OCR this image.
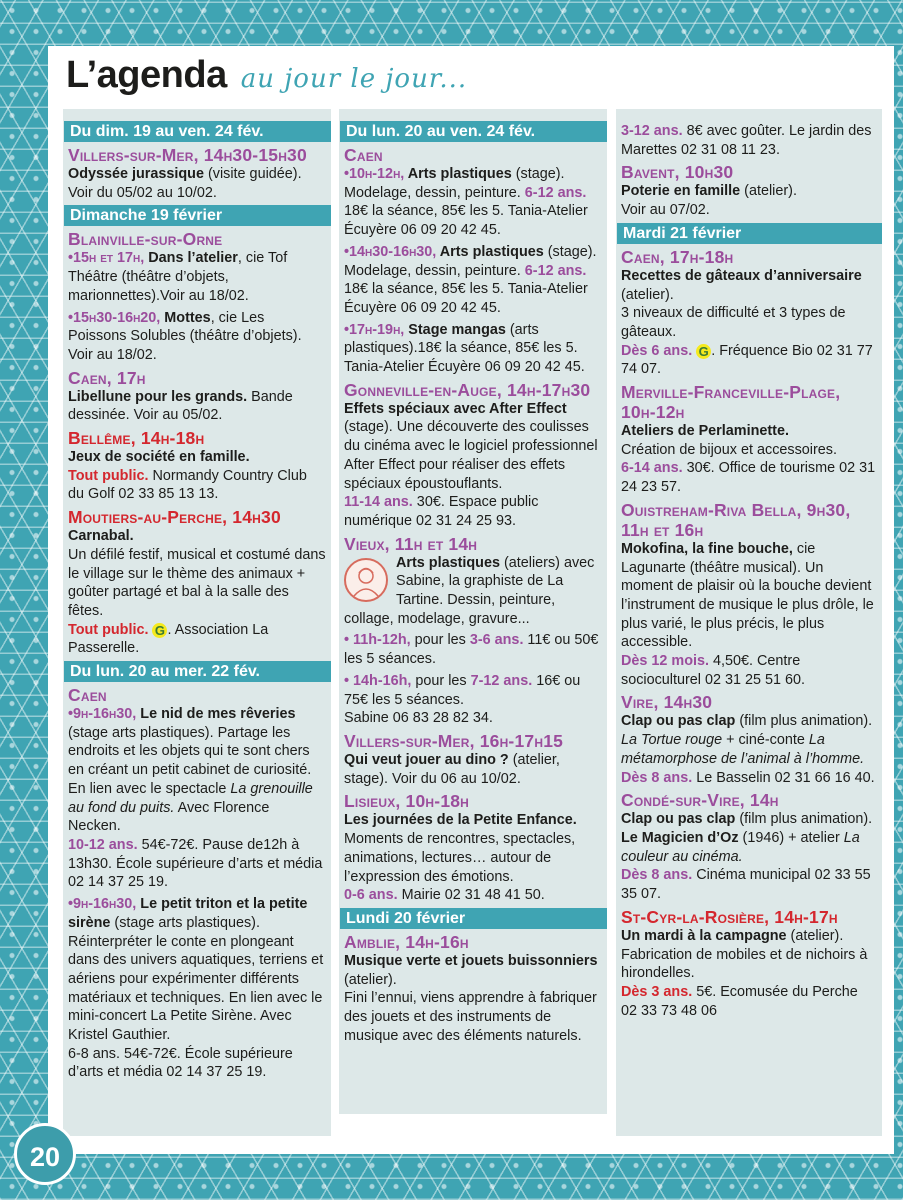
L’agenda au jour le jour...
Du dim. 19 au ven. 24 fév.
Villers-sur-Mer, 14h30-15h30
Odyssée jurassique (visite guidée). Voir du 05/02 au 10/02.
Dimanche 19 février
Blainville-sur-Orne
•15h et 17h, Dans l’atelier, cie Tof Théâtre (théâtre d’objets, marionnettes).Voir au 18/02.
•15h30-16h20, Mottes, cie Les Poissons Solubles (théâtre d’objets). Voir au 18/02.
Caen, 17h
Libellune pour les grands. Bande dessinée. Voir au 05/02.
Bellême, 14h-18h
Jeux de société en famille.
Tout public. Normandy Country Club du Golf 02 33 85 13 13.
Moutiers-au-Perche, 14h30
Carnabal.
Un défilé festif, musical et costumé dans le village sur le thème des animaux + goûter partagé et bal à la salle des fêtes.
Tout public. G . Association La Passerelle.
Du lun. 20 au mer. 22 fév.
Caen
•9h-16h30, Le nid de mes rêveries (stage arts plastiques). Partage les endroits et les objets qui te sont chers en créant un petit cabinet de curiosité. En lien avec le spectacle La grenouille au fond du puits. Avec Florence Necken.
10-12 ans. 54€-72€. Pause de12h à 13h30. École supérieure d’arts et média 02 14 37 25 19.
•9h-16h30, Le petit triton et la petite sirène (stage arts plastiques). Réinterpréter le conte en plongeant dans des univers aquatiques, terriens et aériens pour expérimenter différents matériaux et techniques. En lien avec le mini-concert La Petite Sirène. Avec Kristel Gauthier.
6-8 ans. 54€-72€. École supérieure d’arts et média 02 14 37 25 19.
Du lun. 20 au ven. 24 fév.
Caen
•10h-12h, Arts plastiques (stage). Modelage, dessin, peinture. 6-12 ans. 18€ la séance, 85€ les 5. Tania-Atelier Écuyère 06 09 20 42 45.
•14h30-16h30, Arts plastiques (stage). Modelage, dessin, peinture. 6-12 ans. 18€ la séance, 85€ les 5. Tania-Atelier Écuyère 06 09 20 42 45.
•17h-19h, Stage mangas (arts plastiques).18€ la séance, 85€ les 5. Tania-Atelier Écuyère 06 09 20 42 45.
Gonneville-en-Auge, 14h-17h30
Effets spéciaux avec After Effect (stage). Une découverte des coulisses du cinéma avec le logiciel professionnel After Effect pour réaliser des effets spéciaux époustouflants.
11-14 ans. 30€. Espace public numérique 02 31 24 25 93.
Vieux, 11h et 14h
Arts plastiques (ateliers) avec Sabine, la graphiste de La Tartine. Dessin, peinture, collage, modelage, gravure...
• 11h-12h, pour les 3-6 ans. 11€ ou 50€ les 5 séances.
• 14h-16h, pour les 7-12 ans. 16€ ou 75€ les 5 séances.
Sabine 06 83 28 82 34.
Villers-sur-Mer, 16h-17h15
Qui veut jouer au dino ? (atelier, stage). Voir du 06 au 10/02.
Lisieux, 10h-18h
Les journées de la Petite Enfance.
Moments de rencontres, spectacles, animations, lectures… autour de l’expression des émotions.
0-6 ans. Mairie 02 31 48 41 50.
Lundi 20 février
Amblie, 14h-16h
Musique verte et jouets buissonniers (atelier).
Fini l’ennui, viens apprendre à fabriquer des jouets et des instruments de musique avec des éléments naturels.
3-12 ans. 8€ avec goûter. Le jardin des Marettes 02 31 08 11 23.
Bavent, 10h30
Poterie en famille (atelier).
Voir au 07/02.
Mardi 21 février
Caen, 17h-18h
Recettes de gâteaux d’anniversaire (atelier).
3 niveaux de difficulté et 3 types de gâteaux.
Dès 6 ans. G . Fréquence Bio 02 31 77 74 07.
Merville-Franceville-Plage, 10h-12h
Ateliers de Perlaminette.
Création de bijoux et accessoires.
6-14 ans. 30€. Office de tourisme 02 31 24 23 57.
Ouistreham-Riva Bella, 9h30, 11h et 16h
Mokofina, la fine bouche, cie Lagunarte (théâtre musical). Un moment de plaisir où la bouche devient l’instrument de musique le plus drôle, le plus varié, le plus précis, le plus accessible.
Dès 12 mois. 4,50€. Centre socioculturel 02 31 25 51 60.
Vire, 14h30
Clap ou pas clap (film plus animation).
La Tortue rouge + ciné-conte La métamorphose de l’animal à l’homme.
Dès 8 ans. Le Basselin 02 31 66 16 40.
Condé-sur-Vire, 14h
Clap ou pas clap (film plus animation).
Le Magicien d’Oz (1946) + atelier La couleur au cinéma.
Dès 8 ans. Cinéma municipal 02 33 55 35 07.
St-Cyr-la-Rosière, 14h-17h
Un mardi à la campagne (atelier).
Fabrication de mobiles et de nichoirs à hirondelles.
Dès 3 ans. 5€. Ecomusée du Perche 02 33 73 48 06
20
